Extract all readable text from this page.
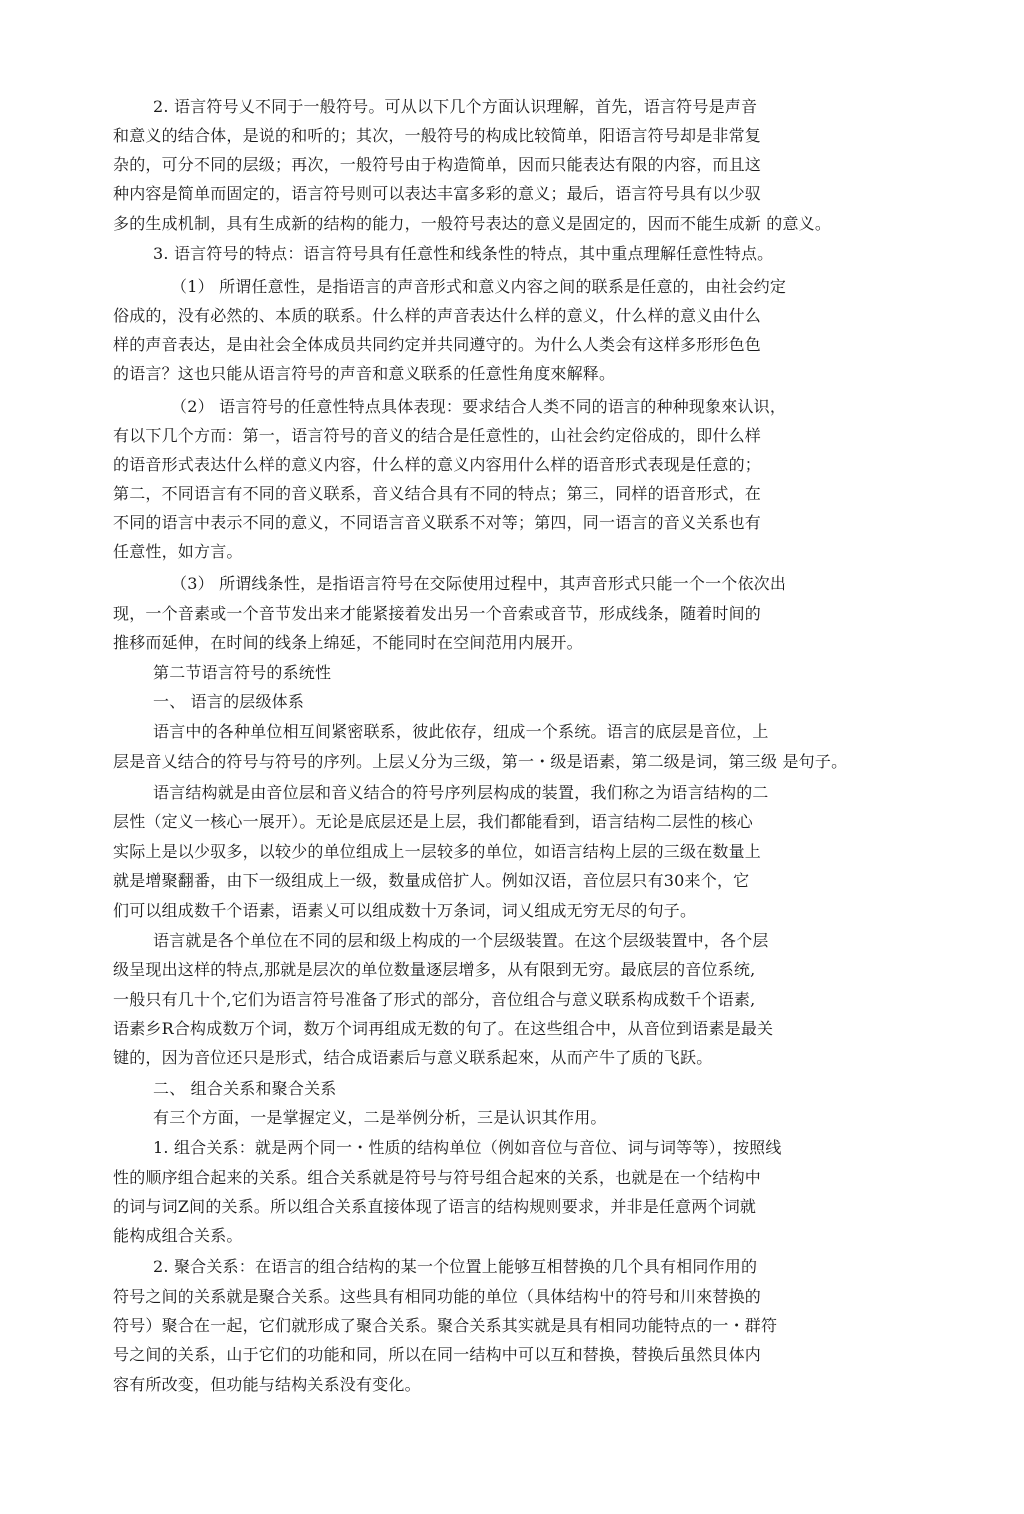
2. 语言符号乂不同于一般符号。可从以下几个方面认识理解，首先，语言符号是声音
和意义的结合体，是说的和听的；其次，一般符号的构成比较简单，阳语言符号却是非常复
杂的，可分不同的层级；再次，一般符号由于构造简单，因而只能表达有限的内容，而且这
种内容是简单而固定的，语言符号则可以表达丰富多彩的意义；最后，语言符号具有以少驭
多的生成机制，具有生成新的结构的能力，一般符号表达的意义是固定的，因而不能生成新 的意义。
3. 语言符号的特点：语言符号具有任意性和线条性的特点，其中重点理解任意性特点。
（1） 所谓任意性，是指语言的声音形式和意义内容之间的联系是任意的，由社会约定
俗成的，没有必然的、本质的联系。什么样的声音表达什么样的意义，什么样的意义由什么
样的声音表达，是由社会全体成员共同约定并共同遵守的。为什么人类会有这样多形形色色
的语言？这也只能从语言符号的声音和意义联系的任意性角度來解释。
（2） 语言符号的任意性特点具体表现：要求结合人类不同的语言的种种现象來认识，
有以下几个方而：第一，语言符号的音义的结合是任意性的，山社会约定俗成的，即什么样
的语音形式表达什么样的意义内容，什么样的意义内容用什么样的语音形式表现是任意的；
第二，不同语言有不同的音义联系，音义结合具有不同的特点；第三，同样的语音形式，在
不同的语言中表示不同的意义，不同语言音义联系不对等；第四，同一语言的音义关系也有
任意性，如方言。
（3） 所谓线条性，是指语言符号在交际使用过程中，其声音形式只能一个一个依次出
现，一个音素或一个音节发出来才能紧接着发出另一个音索或音节，形成线条，随着时间的
推移而延伸，在时间的线条上绵延，不能同时在空间范用内展开。
第二节语言符号的系统性
一、 语言的层级体系
语言中的各种单位相互间紧密联系，彼此依存，纽成一个系统。语言的底层是音位，上
层是音乂结合的符号与符号的序列。上层乂分为三级，第一・级是语素，第二级是词，第三级 是句子。
语言结构就是由音位层和音义结合的符号序列层构成的装置，我们称之为语言结构的二
层性（定义一核心一展开）。无论是底层还是上层，我们都能看到，语言结构二层性的核心
实际上是以少驭多，以较少的单位组成上一层较多的单位，如语言结构上层的三级在数量上
就是增聚翻番，由下一级组成上一级，数量成倍扩人。例如汉语，音位层只有30来个，它
们可以组成数千个语素，语素乂可以组成数十万条词，词乂组成无穷无尽的句子。
语言就是各个单位在不同的层和级上构成的一个层级装置。在这个层级装置中，各个层
级呈现出这样的特点,那就是层次的单位数量逐层增多，从有限到无穷。最底层的音位系统,
一般只有几十个,它们为语言符号准备了形式的部分，音位组合与意义联系构成数千个语素,
语素乡R合构成数万个词，数万个词再组成无数的句了。在这些组合中，从音位到语素是最关
键的，因为音位还只是形式，结合成语素后与意义联系起來，从而产牛了质的飞跃。
二、 组合关系和聚合关系
有三个方面，一是掌握定义，二是举例分析，三是认识其作用。
1. 组合关系：就是两个同一・性质的结构单位（例如音位与音位、词与词等等），按照线
性的顺序组合起来的关系。组合关系就是符号与符号组合起來的关系，也就是在一个结构中
的词与词Z间的关系。所以组合关系直接体现了语言的结构规则要求，并非是任意两个词就
能构成组合关系。
2. 聚合关系：在语言的组合结构的某一个位置上能够互相替换的几个具有相同作用的
符号之间的关系就是聚合关系。这些具有相同功能的单位（具体结构屮的符号和川來替换的
符号）聚合在一起，它们就形成了聚合关系。聚合关系其实就是具有相同功能特点的一・群符
号之间的关系，山于它们的功能和同，所以在同一结构中可以互和替换，替换后虽然貝体内
容有所改变，但功能与结构关系没有变化。
